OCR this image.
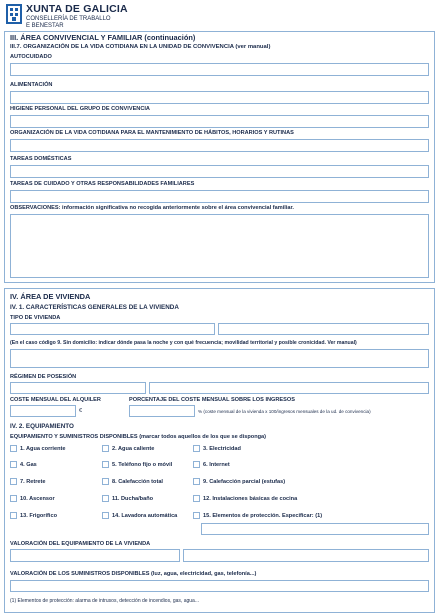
XUNTA DE GALICIA
CONSELLERÍA DE TRABALLO
E BENESTAR
III. ÁREA CONVIVENCIAL Y FAMILIAR (continuación)
III.7. ORGANIZACIÓN DE LA VIDA COTIDIANA EN LA UNIDAD DE CONVIVENCIA (ver manual)
AUTOCUIDADO
ALIMENTACIÓN
HIGIENE PERSONAL DEL GRUPO DE CONVIVENCIA
ORGANIZACIÓN DE LA VIDA COTIDIANA PARA EL MANTENIMIENTO DE HÁBITOS, HORARIOS Y RUTINAS
TAREAS DOMÉSTICAS
TAREAS DE CUIDADO Y OTRAS RESPONSABILIDADES FAMILIARES
OBSERVACIONES: información significativa no recogida anteriormente sobre el área convivencial familiar.
IV. ÁREA DE VIVIENDA
IV. 1. CARACTERÍSTICAS GENERALES DE LA VIVIENDA
TIPO DE VIVIENDA
(En el caso código 9. Sin domicilio: indicar dónde pasa la noche y con qué frecuencia; movilidad territorial y posible cronicidad. Ver manual)
RÉGIMEN DE POSESIÓN
COSTE MENSUAL DEL ALQUILER
€
PORCENTAJE DEL COSTE MENSUAL SOBRE LOS INGRESOS
% (coste mensual de la vivienda x 100/ingresos mensuales de la ud. de convivencia)
IV. 2. EQUIPAMIENTO
EQUIPAMIENTO Y SUMINISTROS DISPONIBLES (marcar todos aquellos de los que se disponga)
1. Agua corriente	2. Agua caliente	3. Electricidad
4. Gas	5. Teléfono fijo o móvil	6. Internet
7. Retrete	8. Calefacción total	9. Calefacción parcial (estufas)
10. Ascensor	11. Ducha/baño	12. Instalaciones básicas de cocina
13. Frigorífico	14. Lavadora automática	15. Elementos de protección. Especificar: (1)
VALORACIÓN DEL EQUIPAMIENTO DE LA VIVIENDA
VALORACIÓN DE LOS SUMINISTROS DISPONIBLES (luz, agua, electricidad, gas, telefonía...)
(1) Elementos de protección: alarma de intrusos, detección de incendios, gas, agua...
